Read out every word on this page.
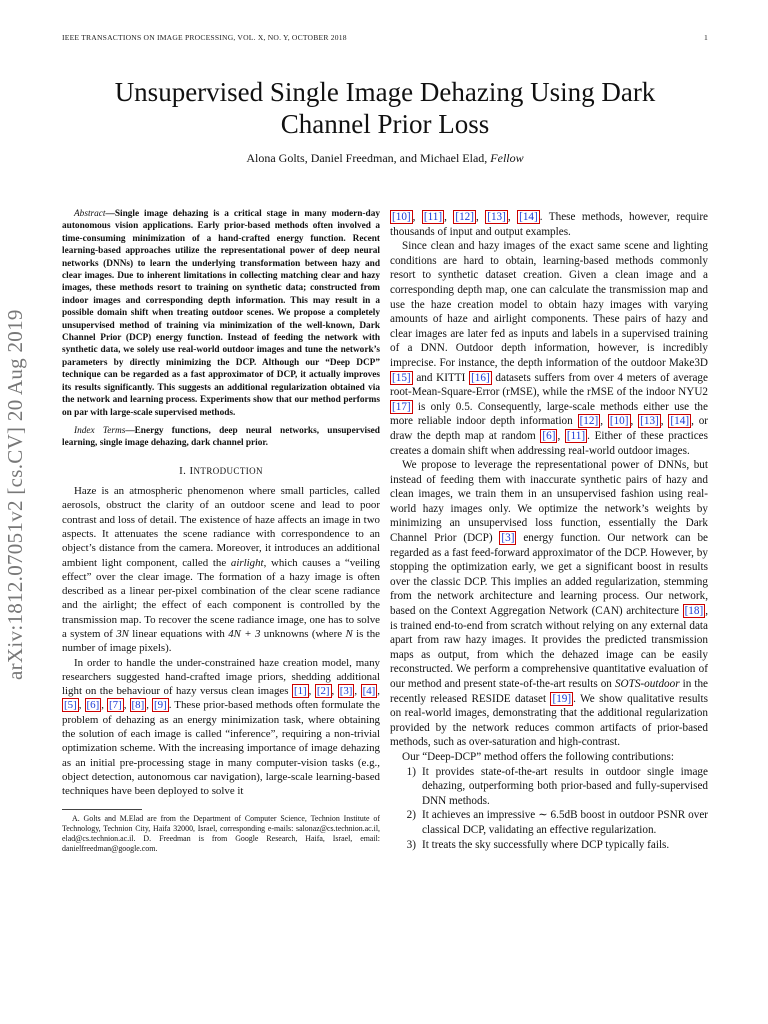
IEEE TRANSACTIONS ON IMAGE PROCESSING, VOL. X, NO. Y, OCTOBER 2018	1
arXiv:1812.07051v2 [cs.CV] 20 Aug 2019
Unsupervised Single Image Dehazing Using Dark
Channel Prior Loss
Alona Golts, Daniel Freedman, and Michael Elad, Fellow

Abstract—Single image dehazing is a critical stage in many modern-day autonomous vision applications. Early prior-based methods often involved a time-consuming minimization of a hand-crafted energy function. Recent learning-based approaches utilize the representational power of deep neural networks (DNNs) to learn the underlying transformation between hazy and clear images. Due to inherent limitations in collecting matching clear and hazy images, these methods resort to training on synthetic data; constructed from indoor images and corresponding depth information. This may result in a possible domain shift when treating outdoor scenes. We propose a completely unsupervised method of training via minimization of the well-known, Dark Channel Prior (DCP) energy function. Instead of feeding the network with synthetic data, we solely use real-world outdoor images and tune the network’s parameters by directly minimizing the DCP. Although our “Deep DCP” technique can be regarded as a fast approximator of DCP, it actually improves its results significantly. This suggests an additional regularization obtained via the network and learning process. Experiments show that our method performs on par with large-scale supervised methods.

Index Terms—Energy functions, deep neural networks, unsupervised learning, single image dehazing, dark channel prior.

I. INTRODUCTION

Haze is an atmospheric phenomenon where small particles, called aerosols, obstruct the clarity of an outdoor scene and lead to poor contrast and loss of detail. The existence of haze affects an image in two aspects. It attenuates the scene radiance with correspondence to an object’s distance from the camera. Moreover, it introduces an additional ambient light component, called the airlight, which causes a “veiling effect” over the clear image. The formation of a hazy image is often described as a linear per-pixel combination of the clear scene radiance and the airlight; the effect of each component is controlled by the transmission map. To recover the scene radiance image, one has to solve a system of 3N linear equations with 4N + 3 unknowns (where N is the number of image pixels).

In order to handle the under-constrained haze creation model, many researchers suggested hand-crafted image priors, shedding additional light on the behaviour of hazy versus clean images [1] , [2] , [3] , [4] , [5] , [6] , [7] , [8] , [9] . These prior-based methods often formulate the problem of dehazing as an energy minimization task, where obtaining the solution of each image is called “inference”, requiring a non-trivial optimization scheme. With the increasing importance of image dehazing as an initial pre-processing stage in many computer-vision tasks (e.g., object detection, autonomous car navigation), large-scale learning-based techniques have been deployed to solve it

A. Golts and M.Elad are from the Department of Computer Science, Technion Institute of Technology, Technion City, Haifa 32000, Israel, corresponding e-mails: salonaz@cs.technion.ac.il, elad@cs.technion.ac.il. D. Freedman is from Google Research, Haifa, Israel, email: danielfreedman@google.com.

[10] , [11] , [12] , [13] , [14] . These methods, however, require thousands of input and output examples.

Since clean and hazy images of the exact same scene and lighting conditions are hard to obtain, learning-based methods commonly resort to synthetic dataset creation. Given a clean image and a corresponding depth map, one can calculate the transmission map and use the haze creation model to obtain hazy images with varying amounts of haze and airlight components. These pairs of hazy and clear images are later fed as inputs and labels in a supervised training of a DNN. Outdoor depth information, however, is incredibly imprecise. For instance, the depth information of the outdoor Make3D [15] and KITTI [16] datasets suffers from over 4 meters of average root-Mean-Square-Error (rMSE), while the rMSE of the indoor NYU2 [17] is only 0.5. Consequently, large-scale methods either use the more reliable indoor depth information [12] , [10] , [13] , [14] , or draw the depth map at random [6] , [11] . Either of these practices creates a domain shift when addressing real-world outdoor images.

We propose to leverage the representational power of DNNs, but instead of feeding them with inaccurate synthetic pairs of hazy and clean images, we train them in an unsupervised fashion using real-world hazy images only. We optimize the network’s weights by minimizing an unsupervised loss function, essentially the Dark Channel Prior (DCP) [3] energy function. Our network can be regarded as a fast feed-forward approximator of the DCP. However, by stopping the optimization early, we get a significant boost in results over the classic DCP. This implies an added regularization, stemming from the network architecture and learning process. Our network, based on the Context Aggregation Network (CAN) architecture [18] , is trained end-to-end from scratch without relying on any external data apart from raw hazy images. It provides the predicted transmission maps as output, from which the dehazed image can be easily reconstructed. We perform a comprehensive quantitative evaluation of our method and present state-of-the-art results on SOTS-outdoor in the recently released RESIDE dataset [19] . We show qualitative results on real-world images, demonstrating that the additional regularization provided by the network reduces common artifacts of prior-based methods, such as over-saturation and high-contrast.

Our “Deep-DCP” method offers the following contributions:

1) It provides state-of-the-art results in outdoor single image dehazing, outperforming both prior-based and fully-supervised DNN methods.
2) It achieves an impressive ∼ 6.5dB boost in outdoor PSNR over classical DCP, validating an effective regularization.
3) It treats the sky successfully where DCP typically fails.
